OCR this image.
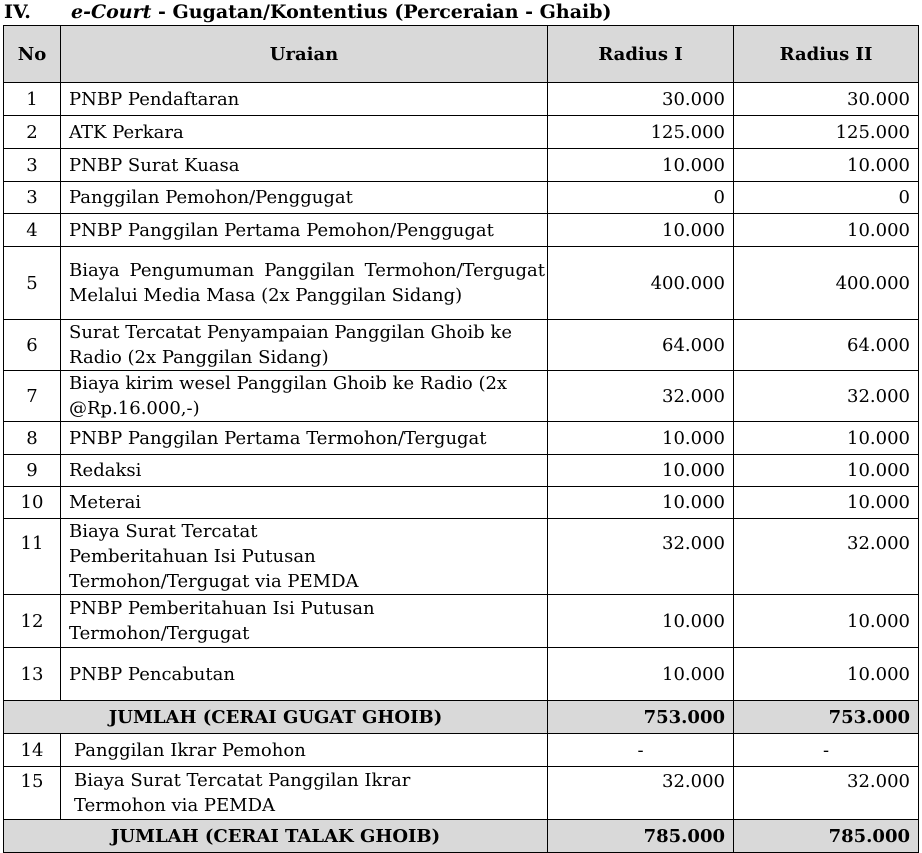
IV. e-Court - Gugatan/Kontentius (Perceraian - Ghaib)
No	Uraian	Radius I	Radius II
1	PNBP Pendaftaran	30.000	30.000
2	ATK Perkara	125.000	125.000
3	PNBP Surat Kuasa	10.000	10.000
3	Panggilan Pemohon/Penggugat	0	0
4	PNBP Panggilan Pertama Pemohon/Penggugat	10.000	10.000
5	Biaya Pengumuman Panggilan Termohon/Tergugat Melalui Media Masa (2x Panggilan Sidang)	400.000	400.000
6	Surat Tercatat Penyampaian Panggilan Ghoib ke Radio (2x Panggilan Sidang)	64.000	64.000
7	Biaya kirim wesel Panggilan Ghoib ke Radio (2x @Rp.16.000,-)	32.000	32.000
8	PNBP Panggilan Pertama Termohon/Tergugat	10.000	10.000
9	Redaksi	10.000	10.000
10	Meterai	10.000	10.000
11	Biaya Surat Tercatat Pemberitahuan Isi Putusan Termohon/Tergugat via PEMDA	32.000	32.000
12	PNBP Pemberitahuan Isi Putusan Termohon/Tergugat	10.000	10.000
13	PNBP Pencabutan	10.000	10.000
JUMLAH (CERAI GUGAT GHOIB)		753.000	753.000
14	Panggilan Ikrar Pemohon	-	-
15	Biaya Surat Tercatat Panggilan Ikrar Termohon via PEMDA	32.000	32.000
JUMLAH (CERAI TALAK GHOIB)		785.000	785.000
